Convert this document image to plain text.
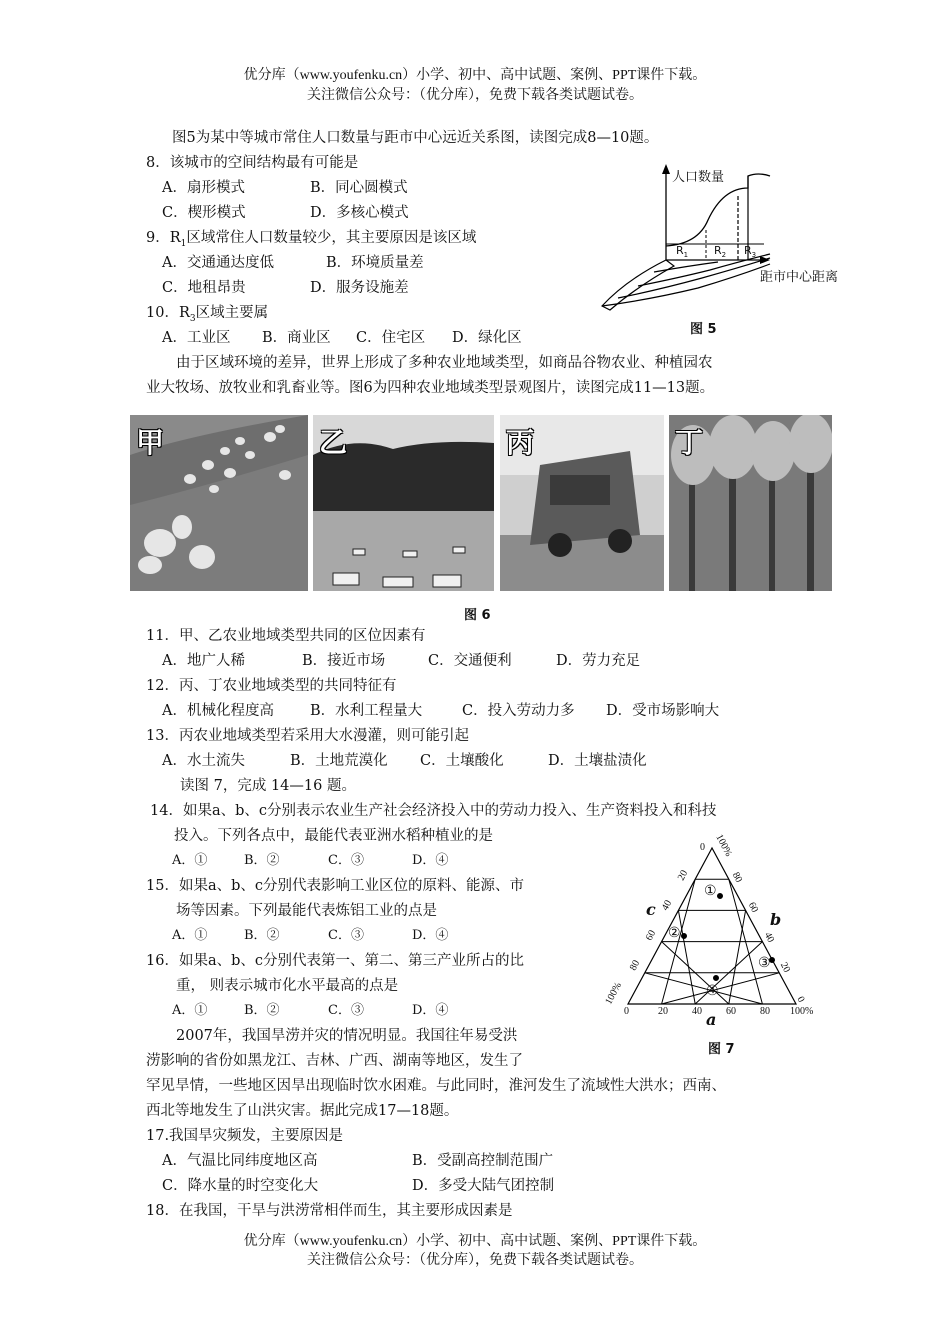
优分库（www.youfenku.cn）小学、初中、高中试题、案例、PPT课件下载。
关注微信公众号：（优分库），免费下载各类试题试卷。
图5为某中等城市常住人口数量与距市中心远近关系图，读图完成8—10题。
8．该城市的空间结构最有可能是
A．扇形模式	B．同心圆模式
C．楔形模式	D．多核心模式
9．$R_1$区域常住人口数量较少，其主要原因是该区域
A．交通通达度低	B．环境质量差
C．地租昂贵	D．服务设施差
10．$R_3$区域主要属
A．工业区 B．商业区 C．住宅区 D．绿化区
人口数量
距市中心距离
$R_1$ $R_2$ $R_3$
图 5
由于区域环境的差异，世界上形成了多种农业地域类型，如商品谷物农业、种植园农
业大牧场、放牧业和乳畜业等。图6为四种农业地域类型景观图片，读图完成11—13题。
甲	乙	丙	丁
图 6
11．甲、乙农业地域类型共同的区位因素有
A．地广人稀	B．接近市场	C．交通便利	D．劳力充足
12．丙、丁农业地域类型的共同特征有
A．机械化程度高 B．水利工程量大	C．投入劳动力多 D．受市场影响大
13．丙农业地域类型若采用大水漫灌，则可能引起
A．水土流失	B．土地荒漠化 C．土壤酸化	D．土壤盐渍化
读图 7，完成 14—16 题。
14．如果a、b、c分别表示农业生产社会经济投入中的劳动力投入、生产资料投入和科技
投入。下列各点中，最能代表亚洲水稻种植业的是
A．①	B．②	C．③	D．④
15．如果a、b、c分别代表影响工业区位的原料、能源、市
场等因素。下列最能代表炼铝工业的点是
A．①	B．②	C．③	D．④
16．如果a、b、c分别代表第一、第二、第三产业所占的比
重， 则表示城市化水平最高的点是
A．①	B．②	C．③	D．④
①
②
③
④
a
b
c
0	20 40 60 80 100%
0
20
40
60
80
100%
100%
80
60
40
20
0
图 7
2007年，我国旱涝并灾的情况明显。我国往年易受洪
涝影响的省份如黑龙江、吉林、广西、湖南等地区，发生了
罕见旱情，一些地区因旱出现临时饮水困难。与此同时，淮河发生了流域性大洪水；西南、
西北等地发生了山洪灾害。据此完成17—18题。
17.我国旱灾频发，主要原因是
A．气温比同纬度地区高	B．受副高控制范围广
C．降水量的时空变化大	D．多受大陆气团控制
18．在我国，干旱与洪涝常相伴而生，其主要形成因素是
优分库（www.youfenku.cn）小学、初中、高中试题、案例、PPT课件下载。
关注微信公众号：（优分库），免费下载各类试题试卷。
